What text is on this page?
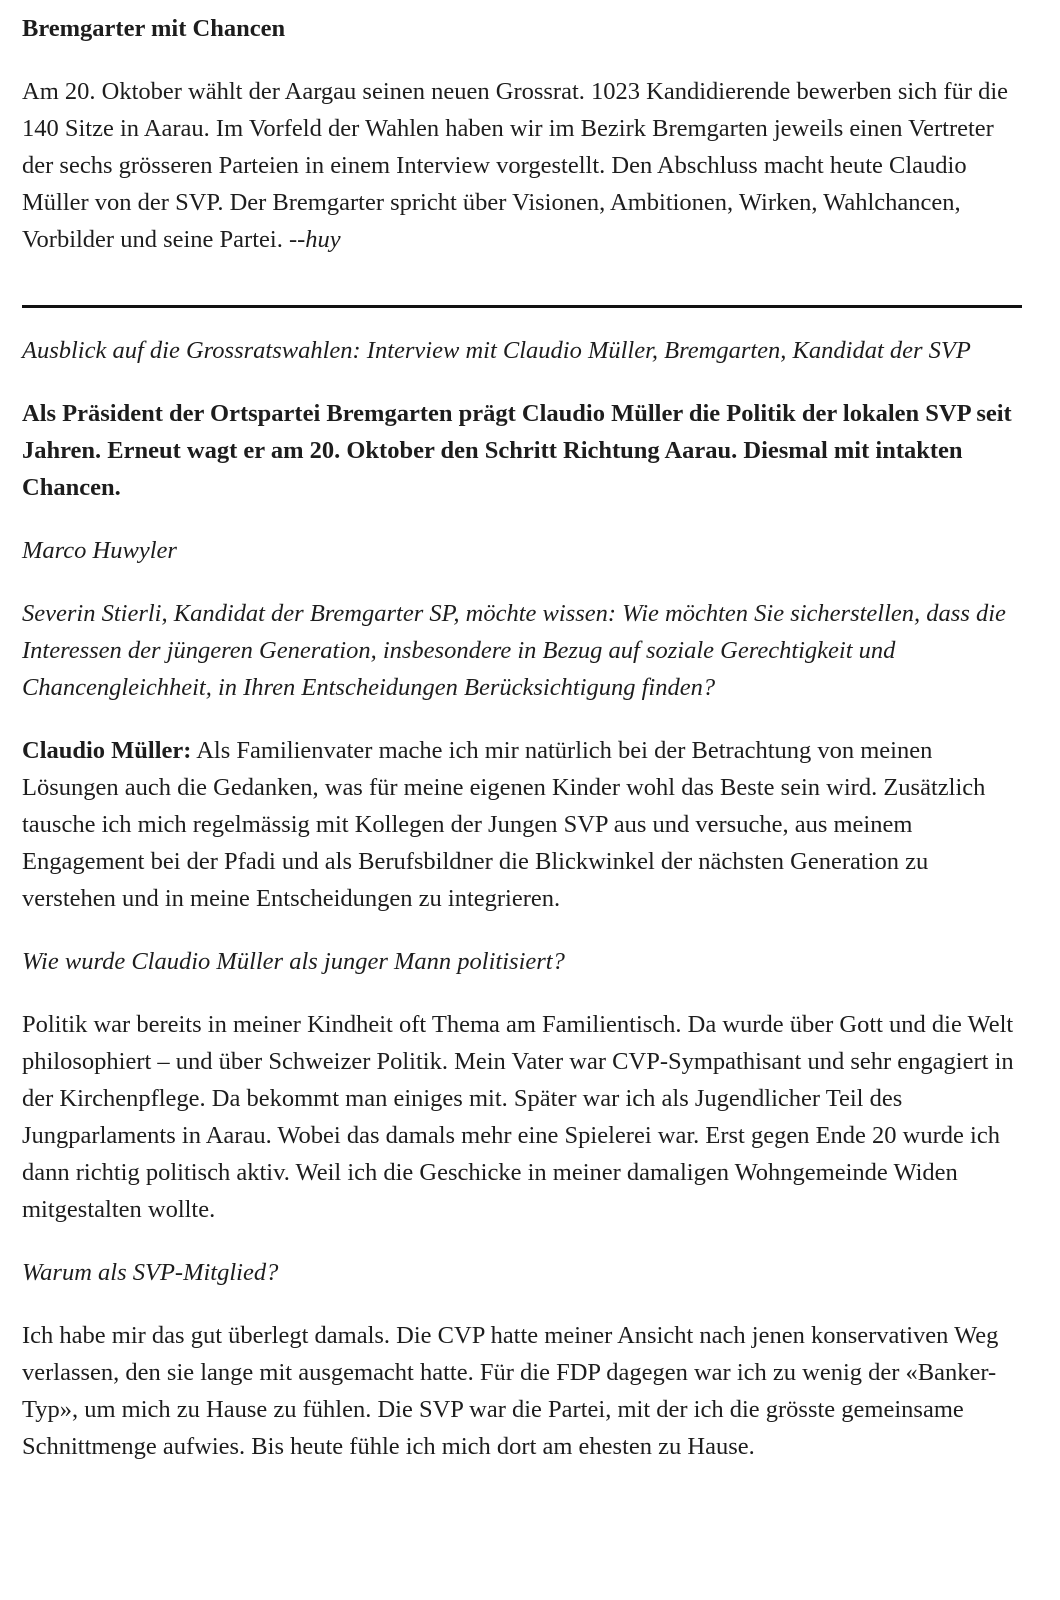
Bremgarter mit Chancen

Am 20. Oktober wählt der Aargau seinen neuen Grossrat. 1023 Kandidierende bewerben sich für die 140 Sitze in Aarau. Im Vorfeld der Wahlen haben wir im Bezirk Bremgarten jeweils einen Vertreter der sechs grösseren Parteien in einem Interview vorgestellt. Den Abschluss macht heute Claudio Müller von der SVP. Der Bremgarter spricht über Visionen, Ambitionen, Wirken, Wahlchancen, Vorbilder und seine Partei. --huy

Ausblick auf die Grossratswahlen: Interview mit Claudio Müller, Bremgarten, Kandidat der SVP

Als Präsident der Ortspartei Bremgarten prägt Claudio Müller die Politik der lokalen SVP seit Jahren. Erneut wagt er am 20. Oktober den Schritt Richtung Aarau. Diesmal mit intakten Chancen.

Marco Huwyler

Severin Stierli, Kandidat der Bremgarter SP, möchte wissen: Wie möchten Sie sicherstellen, dass die Interessen der jüngeren Generation, insbesondere in Bezug auf soziale Gerechtigkeit und Chancengleichheit, in Ihren Entscheidungen Berücksichtigung finden?

Claudio Müller: Als Familienvater mache ich mir natürlich bei der Betrachtung von meinen Lösungen auch die Gedanken, was für meine eigenen Kinder wohl das Beste sein wird. Zusätzlich tausche ich mich regelmässig mit Kollegen der Jungen SVP aus und versuche, aus meinem Engagement bei der Pfadi und als Berufsbildner die Blickwinkel der nächsten Generation zu verstehen und in meine Entscheidungen zu integrieren.

Wie wurde Claudio Müller als junger Mann politisiert?

Politik war bereits in meiner Kindheit oft Thema am Familientisch. Da wurde über Gott und die Welt philosophiert – und über Schweizer Politik. Mein Vater war CVP-Sympathisant und sehr engagiert in der Kirchenpflege. Da bekommt man einiges mit. Später war ich als Jugendlicher Teil des Jungparlaments in Aarau. Wobei das damals mehr eine Spielerei war. Erst gegen Ende 20 wurde ich dann richtig politisch aktiv. Weil ich die Geschicke in meiner damaligen Wohngemeinde Widen mitgestalten wollte.

Warum als SVP-Mitglied?

Ich habe mir das gut überlegt damals. Die CVP hatte meiner Ansicht nach jenen konservativen Weg verlassen, den sie lange mit ausgemacht hatte. Für die FDP dagegen war ich zu wenig der «Banker-Typ», um mich zu Hause zu fühlen. Die SVP war die Partei, mit der ich die grösste gemeinsame Schnittmenge aufwies. Bis heute fühle ich mich dort am ehesten zu Hause.
